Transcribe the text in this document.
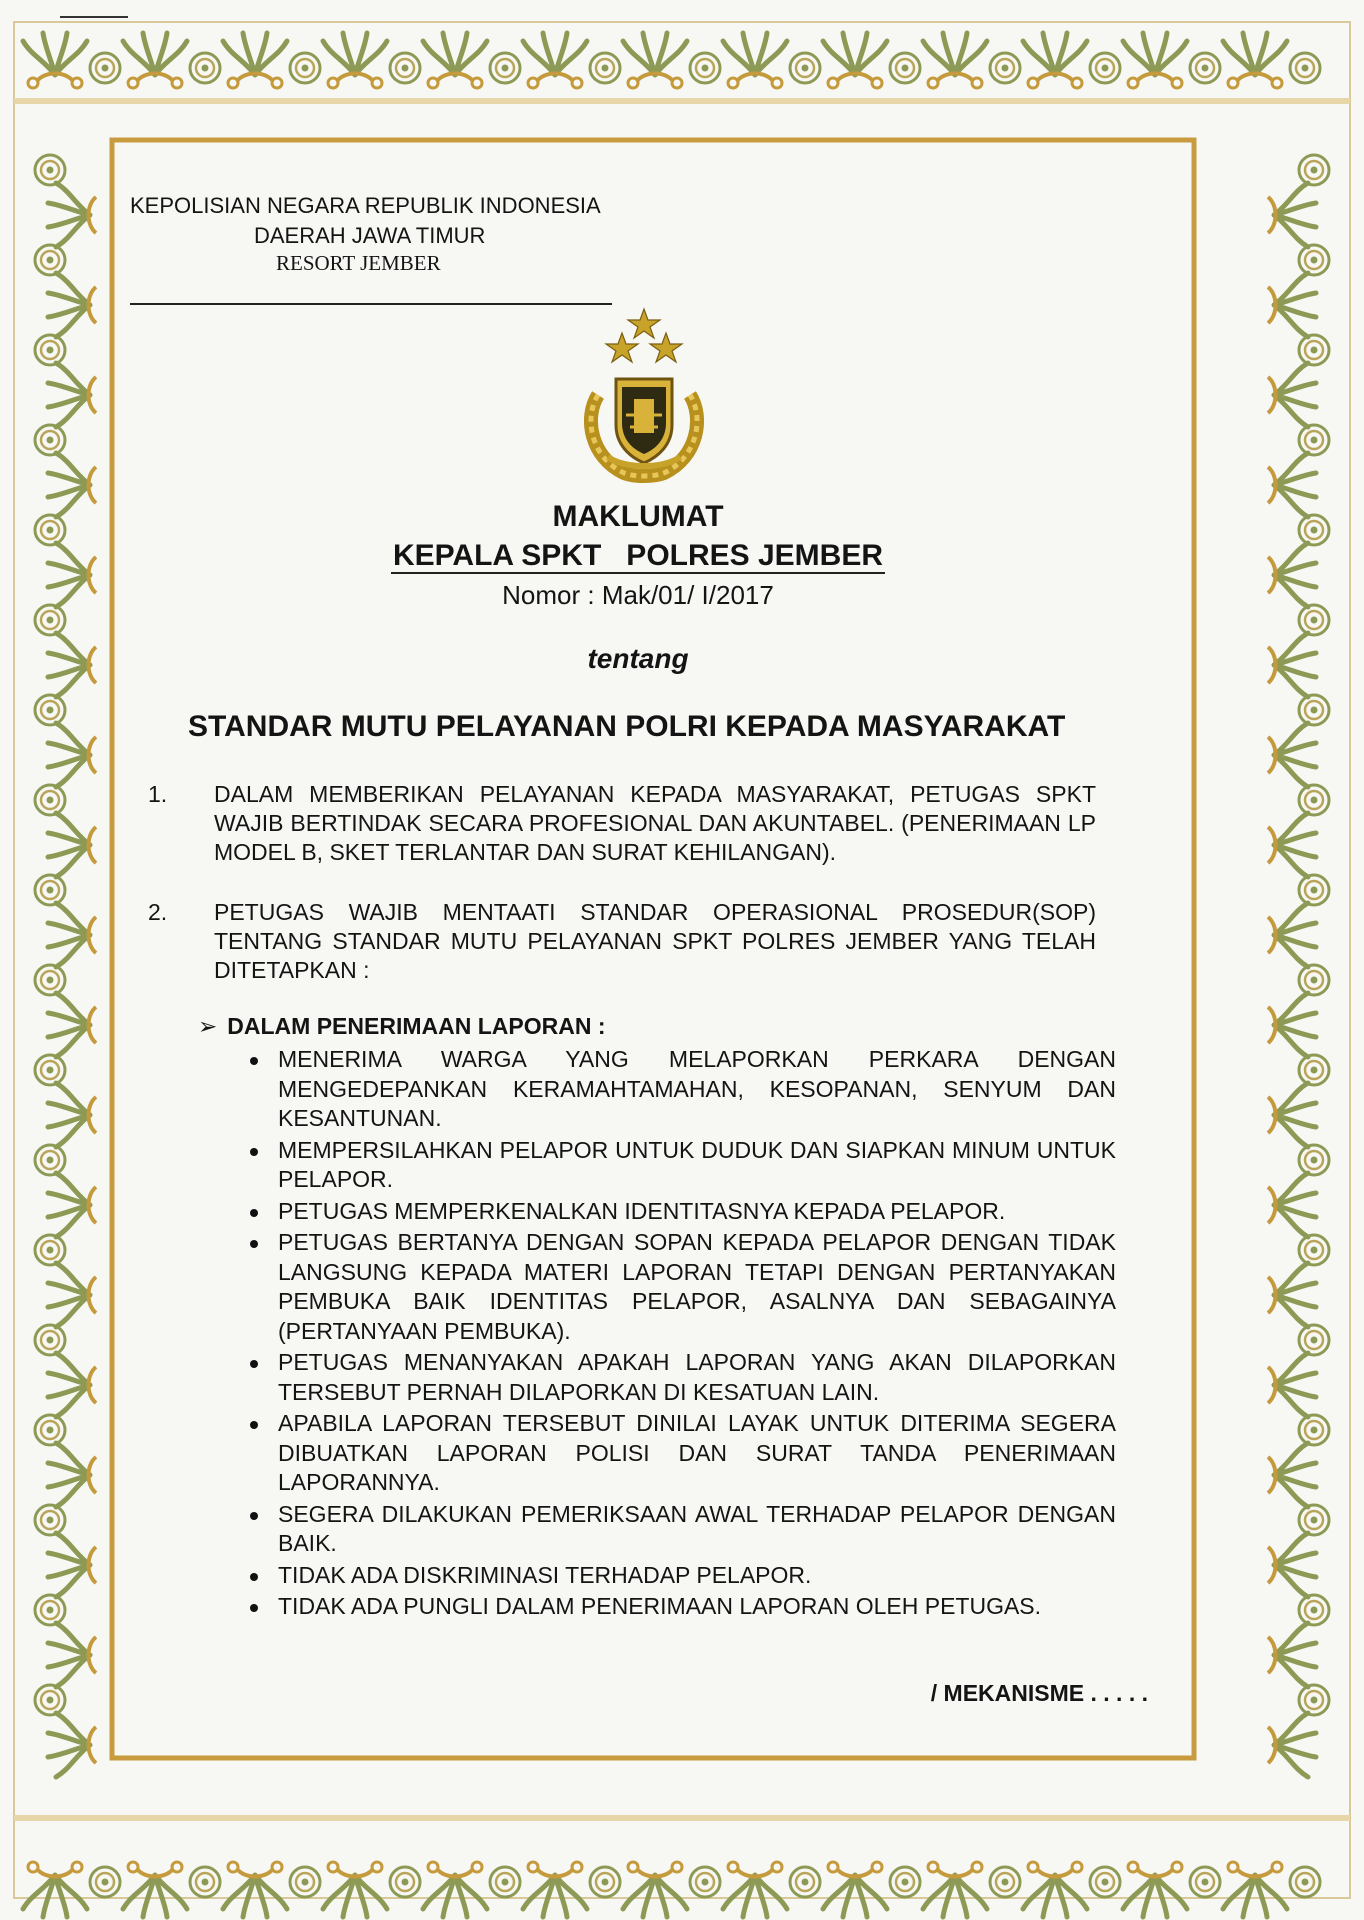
KEPOLISIAN NEGARA REPUBLIK INDONESIA
DAERAH JAWA TIMUR
RESORT JEMBER
MAKLUMAT
KEPALA SPKT   POLRES JEMBER
Nomor : Mak/01/ I/2017
tentang
STANDAR MUTU PELAYANAN POLRI KEPADA MASYARAKAT
1. DALAM MEMBERIKAN PELAYANAN KEPADA MASYARAKAT, PETUGAS SPKT WAJIB BERTINDAK SECARA PROFESIONAL DAN AKUNTABEL. (PENERIMAAN LP MODEL B, SKET TERLANTAR DAN SURAT KEHILANGAN).
2. PETUGAS WAJIB MENTAATI STANDAR OPERASIONAL PROSEDUR(SOP) TENTANG STANDAR MUTU PELAYANAN SPKT POLRES JEMBER YANG TELAH DITETAPKAN :
➢ DALAM PENERIMAAN LAPORAN :
MENERIMA WARGA YANG MELAPORKAN PERKARA DENGAN MENGEDEPANKAN KERAMAHTAMAHAN, KESOPANAN, SENYUM DAN KESANTUNAN.
MEMPERSILAHKAN PELAPOR UNTUK DUDUK DAN SIAPKAN MINUM UNTUK PELAPOR.
PETUGAS MEMPERKENALKAN IDENTITASNYA KEPADA PELAPOR.
PETUGAS BERTANYA DENGAN SOPAN KEPADA PELAPOR DENGAN TIDAK LANGSUNG KEPADA MATERI LAPORAN TETAPI DENGAN PERTANYAKAN PEMBUKA BAIK IDENTITAS PELAPOR, ASALNYA DAN SEBAGAINYA (PERTANYAAN PEMBUKA).
PETUGAS MENANYAKAN APAKAH LAPORAN YANG AKAN DILAPORKAN TERSEBUT PERNAH DILAPORKAN DI KESATUAN LAIN.
APABILA LAPORAN TERSEBUT DINILAI LAYAK UNTUK DITERIMA SEGERA DIBUATKAN LAPORAN POLISI DAN SURAT TANDA PENERIMAAN LAPORANNYA.
SEGERA DILAKUKAN PEMERIKSAAN AWAL TERHADAP PELAPOR DENGAN BAIK.
TIDAK ADA DISKRIMINASI TERHADAP PELAPOR.
TIDAK ADA PUNGLI DALAM PENERIMAAN LAPORAN OLEH PETUGAS.
/ MEKANISME . . . . .
